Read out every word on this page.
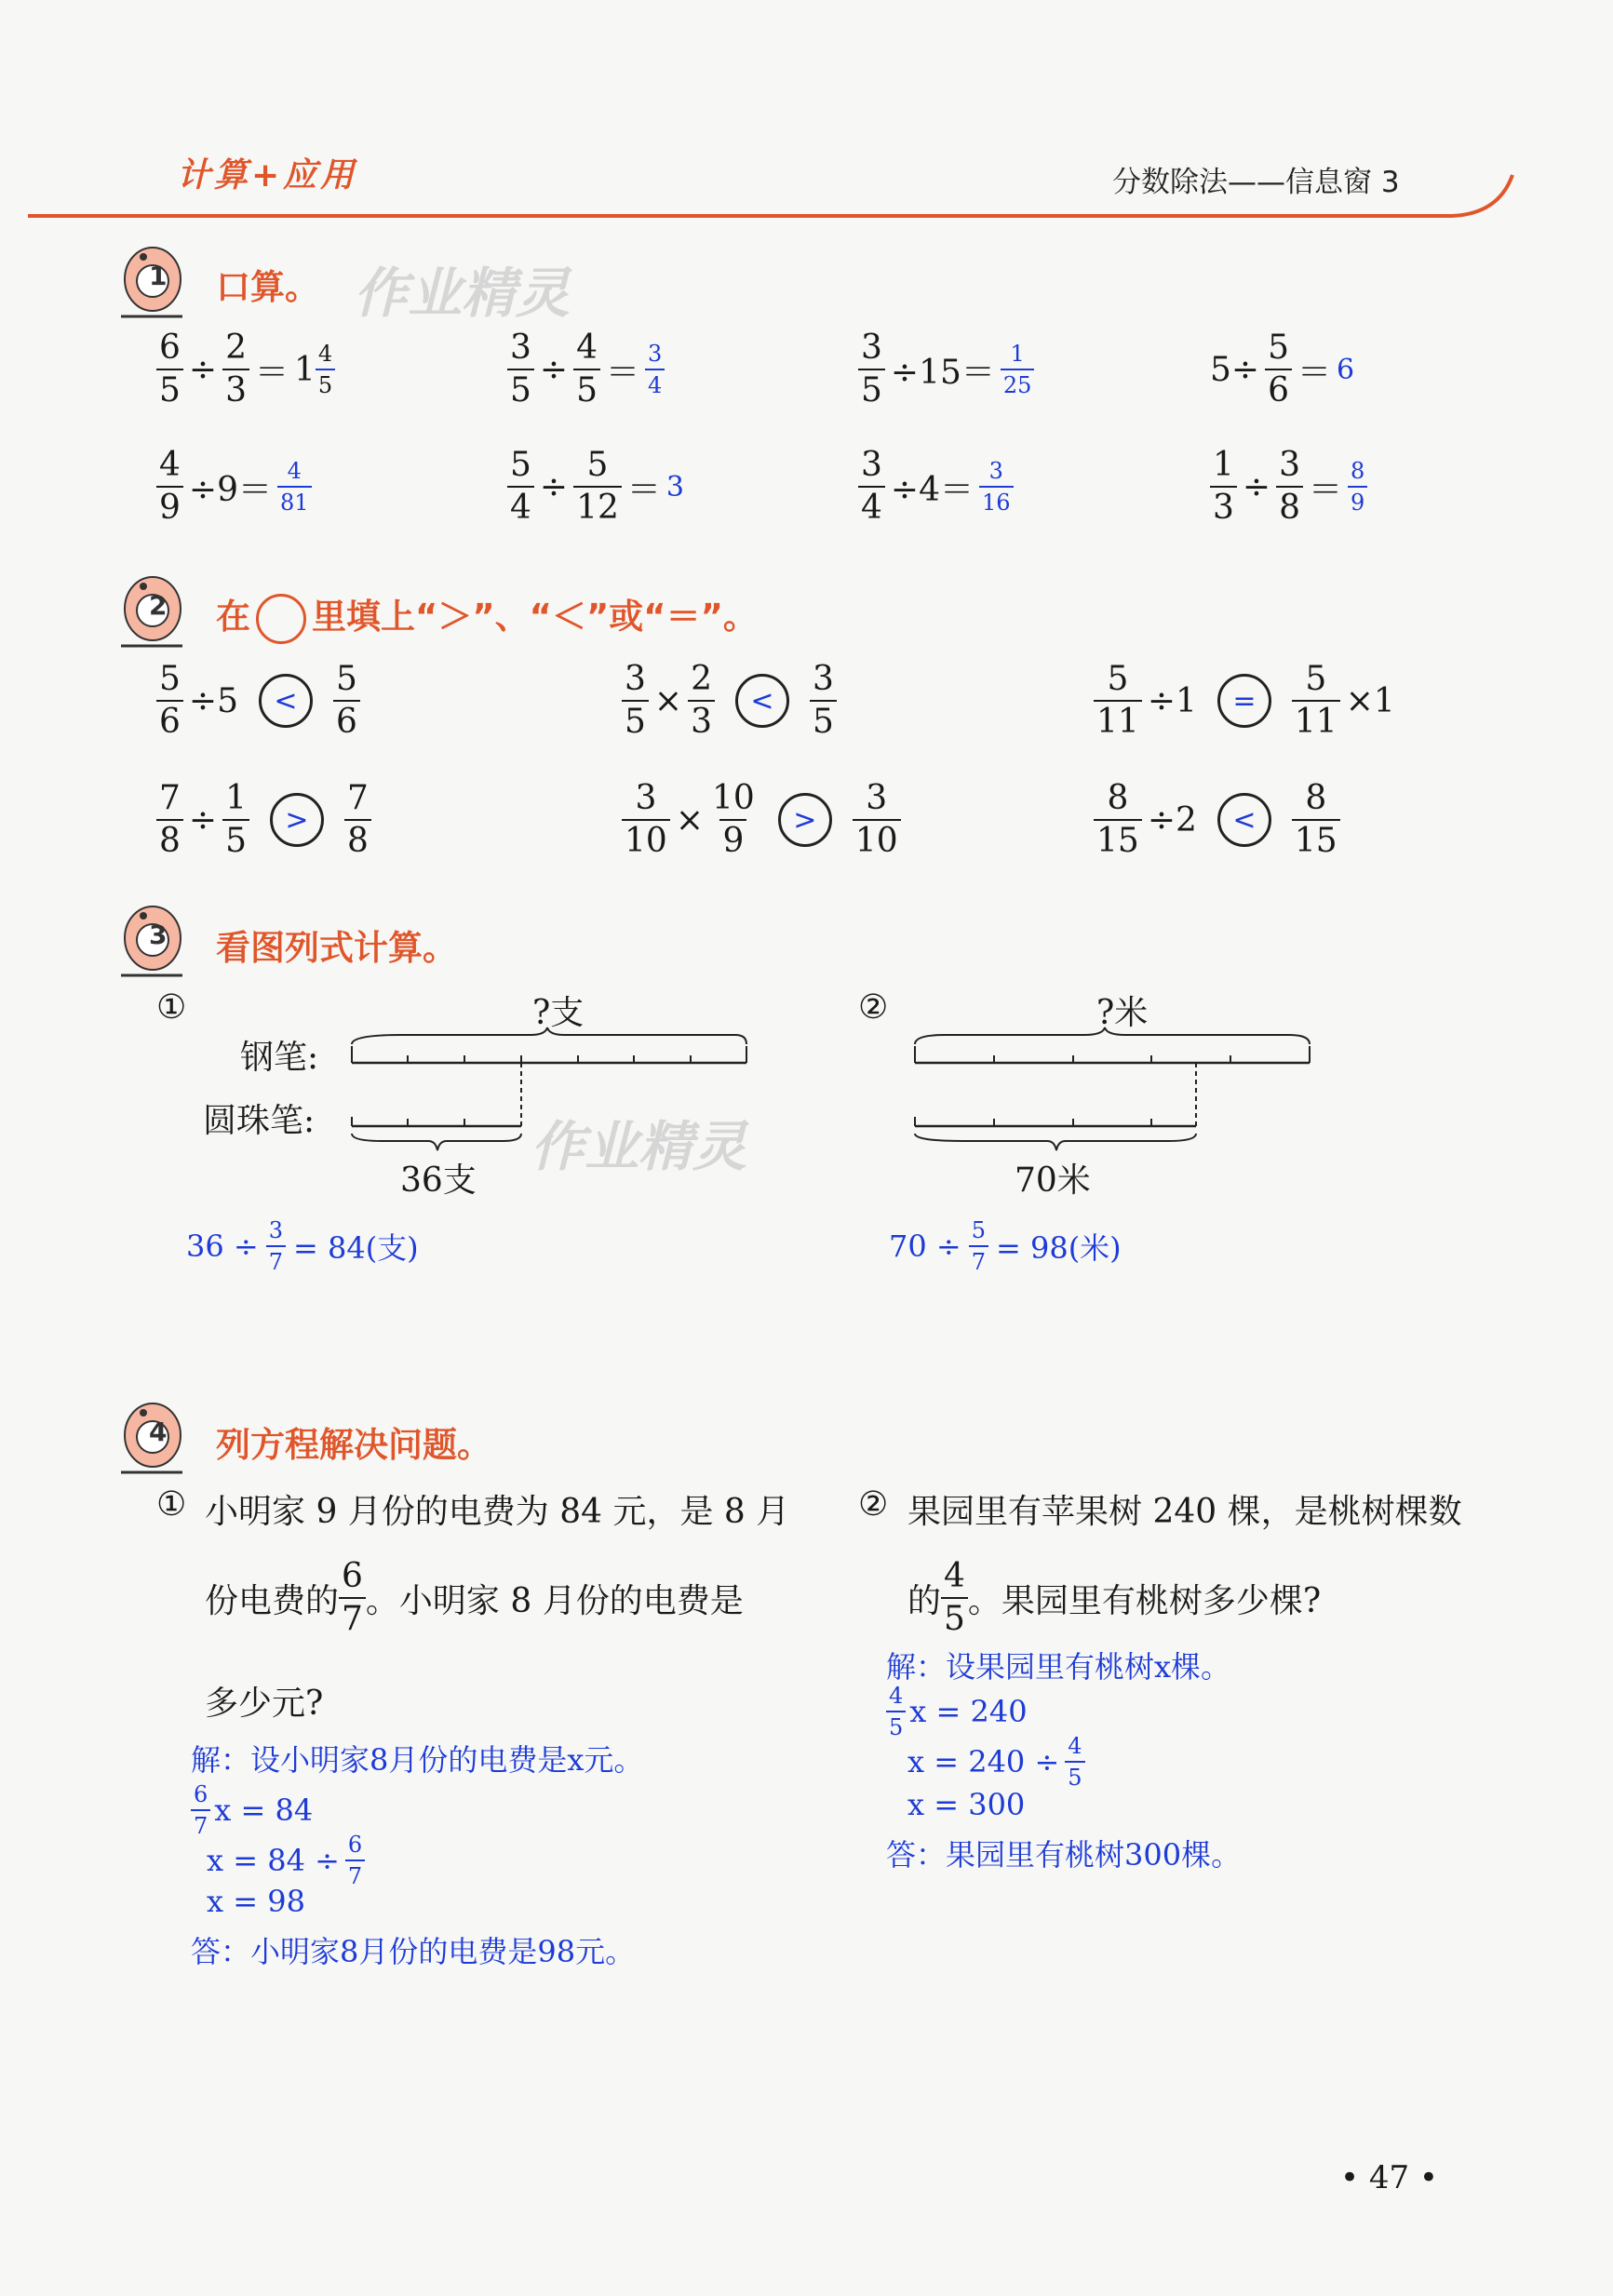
计算+应用	分数除法——信息窗 3
作业精灵
作业精灵
1 口算。
$\frac{6}{5} \div \frac{2}{3} = 1 \frac{4}{5}$	$\frac{3}{5} \div \frac{4}{5} = \frac{3}{4}$	$\frac{3}{5} \div 15= \frac{1}{25}$	$5\div \frac{5}{6} = 6$
$\frac{4}{9} \div 9= \frac{4}{81}$	$\frac{5}{4} \div \frac{5}{12} = 3$	$\frac{3}{4} \div 4= \frac{3}{16}$	$\frac{1}{3} \div \frac{3}{8} = \frac{8}{9}$
2 在 里填上“＞”、“＜”或“＝”。
$\frac{5}{6} \div 5$	<	$\frac{5}{6}$	$\frac{3}{5} \times \frac{2}{3}$	<	$\frac{3}{5}$	$\frac{5}{11} \div 1$	=	$\frac{5}{11} \times 1$
$\frac{7}{8} \div \frac{1}{5}$	>	$\frac{7}{8}$	$\frac{3}{10} \times \frac{10}{9}$	>	$\frac{3}{10}$	$\frac{8}{15} \div 2$	<	$\frac{8}{15}$
3 看图列式计算。
①	?支
钢笔:
圆珠笔:
36支
$36 \div \frac{3}{7} = 84$(支)
②	?米
70米
$70 \div \frac{5}{7} = 98$(米)
4 列方程解决问题。
① 小明家 9 月份的电费为 84 元，是 8 月
份电费的 $\frac{6}{7}$ 。小明家 8 月份的电费是
多少元?
解：设小明家8月份的电费是x元。
$\frac{6}{7}$ x = 84
$x = 84 \div \frac{6}{7}$
x = 98
答：小明家8月份的电费是98元。
② 果园里有苹果树 240 棵，是桃树棵数
的 $\frac{4}{5}$ 。果园里有桃树多少棵?
解：设果园里有桃树x棵。
$\frac{4}{5}$ x = 240
$x = 240 \div \frac{4}{5}$
x = 300
答：果园里有桃树300棵。
• 47 •
